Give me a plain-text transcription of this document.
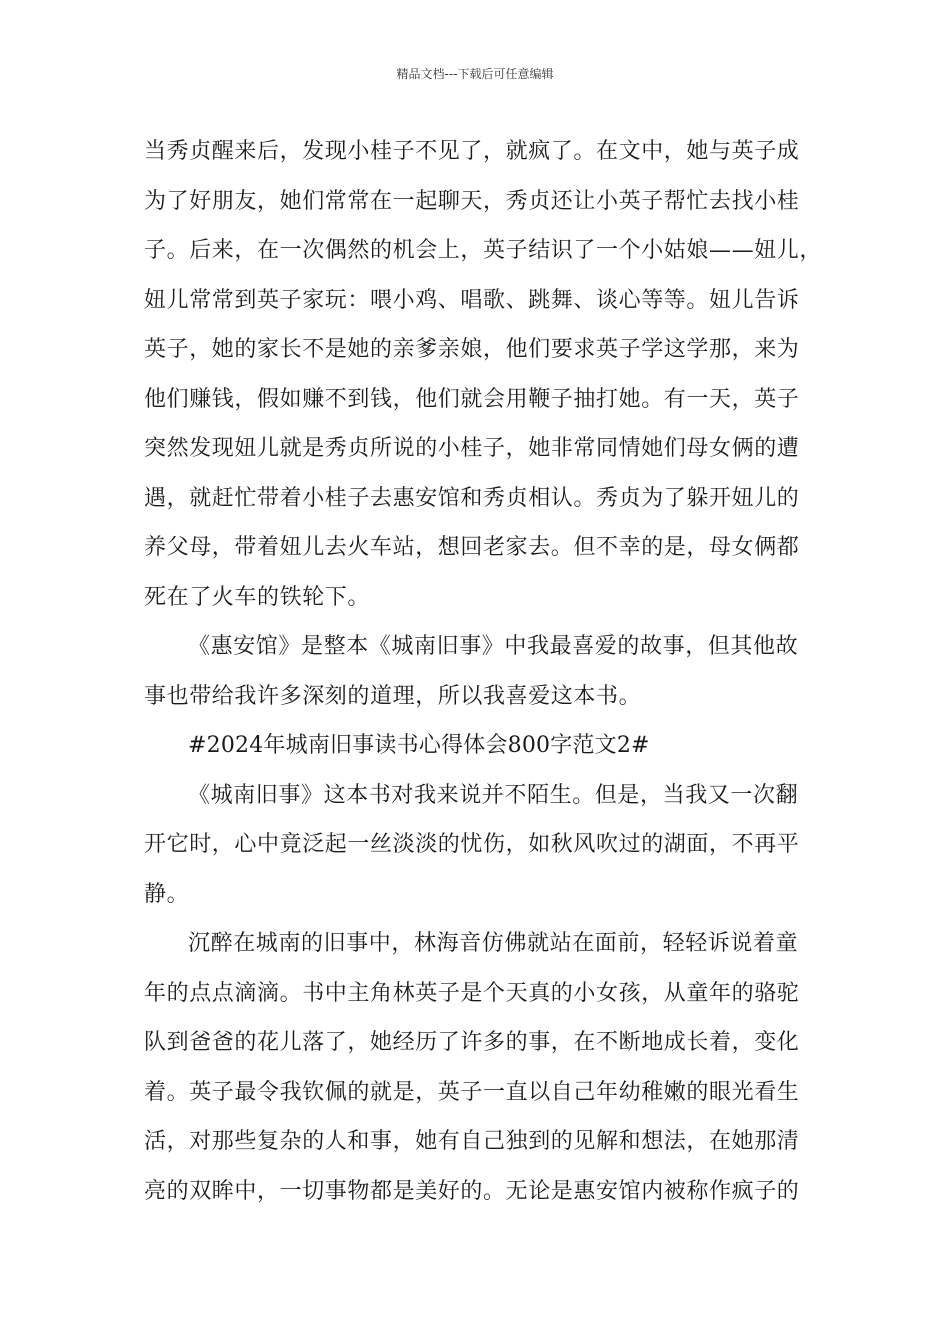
精品文档---下载后可任意编辑
当秀贞醒来后，发现小桂子不见了，就疯了。在文中，她与英子成
为了好朋友，她们常常在一起聊天，秀贞还让小英子帮忙去找小桂
子。后来，在一次偶然的机会上，英子结识了一个小姑娘——妞儿，
妞儿常常到英子家玩：喂小鸡、唱歌、跳舞、谈心等等。妞儿告诉
英子，她的家长不是她的亲爹亲娘，他们要求英子学这学那，来为
他们赚钱，假如赚不到钱，他们就会用鞭子抽打她。有一天，英子
突然发现妞儿就是秀贞所说的小桂子，她非常同情她们母女俩的遭
遇，就赶忙带着小桂子去惠安馆和秀贞相认。秀贞为了躲开妞儿的
养父母，带着妞儿去火车站，想回老家去。但不幸的是，母女俩都
死在了火车的铁轮下。
《惠安馆》是整本《城南旧事》中我最喜爱的故事，但其他故
事也带给我许多深刻的道理，所以我喜爱这本书。
#2024年城南旧事读书心得体会800字范文2#
《城南旧事》这本书对我来说并不陌生。但是，当我又一次翻
开它时，心中竟泛起一丝淡淡的忧伤，如秋风吹过的湖面，不再平
静。
沉醉在城南的旧事中，林海音仿佛就站在面前，轻轻诉说着童
年的点点滴滴。书中主角林英子是个天真的小女孩，从童年的骆驼
队到爸爸的花儿落了，她经历了许多的事，在不断地成长着，变化
着。英子最令我钦佩的就是，英子一直以自己年幼稚嫩的眼光看生
活，对那些复杂的人和事，她有自己独到的见解和想法，在她那清
亮的双眸中，一切事物都是美好的。无论是惠安馆内被称作疯子的
